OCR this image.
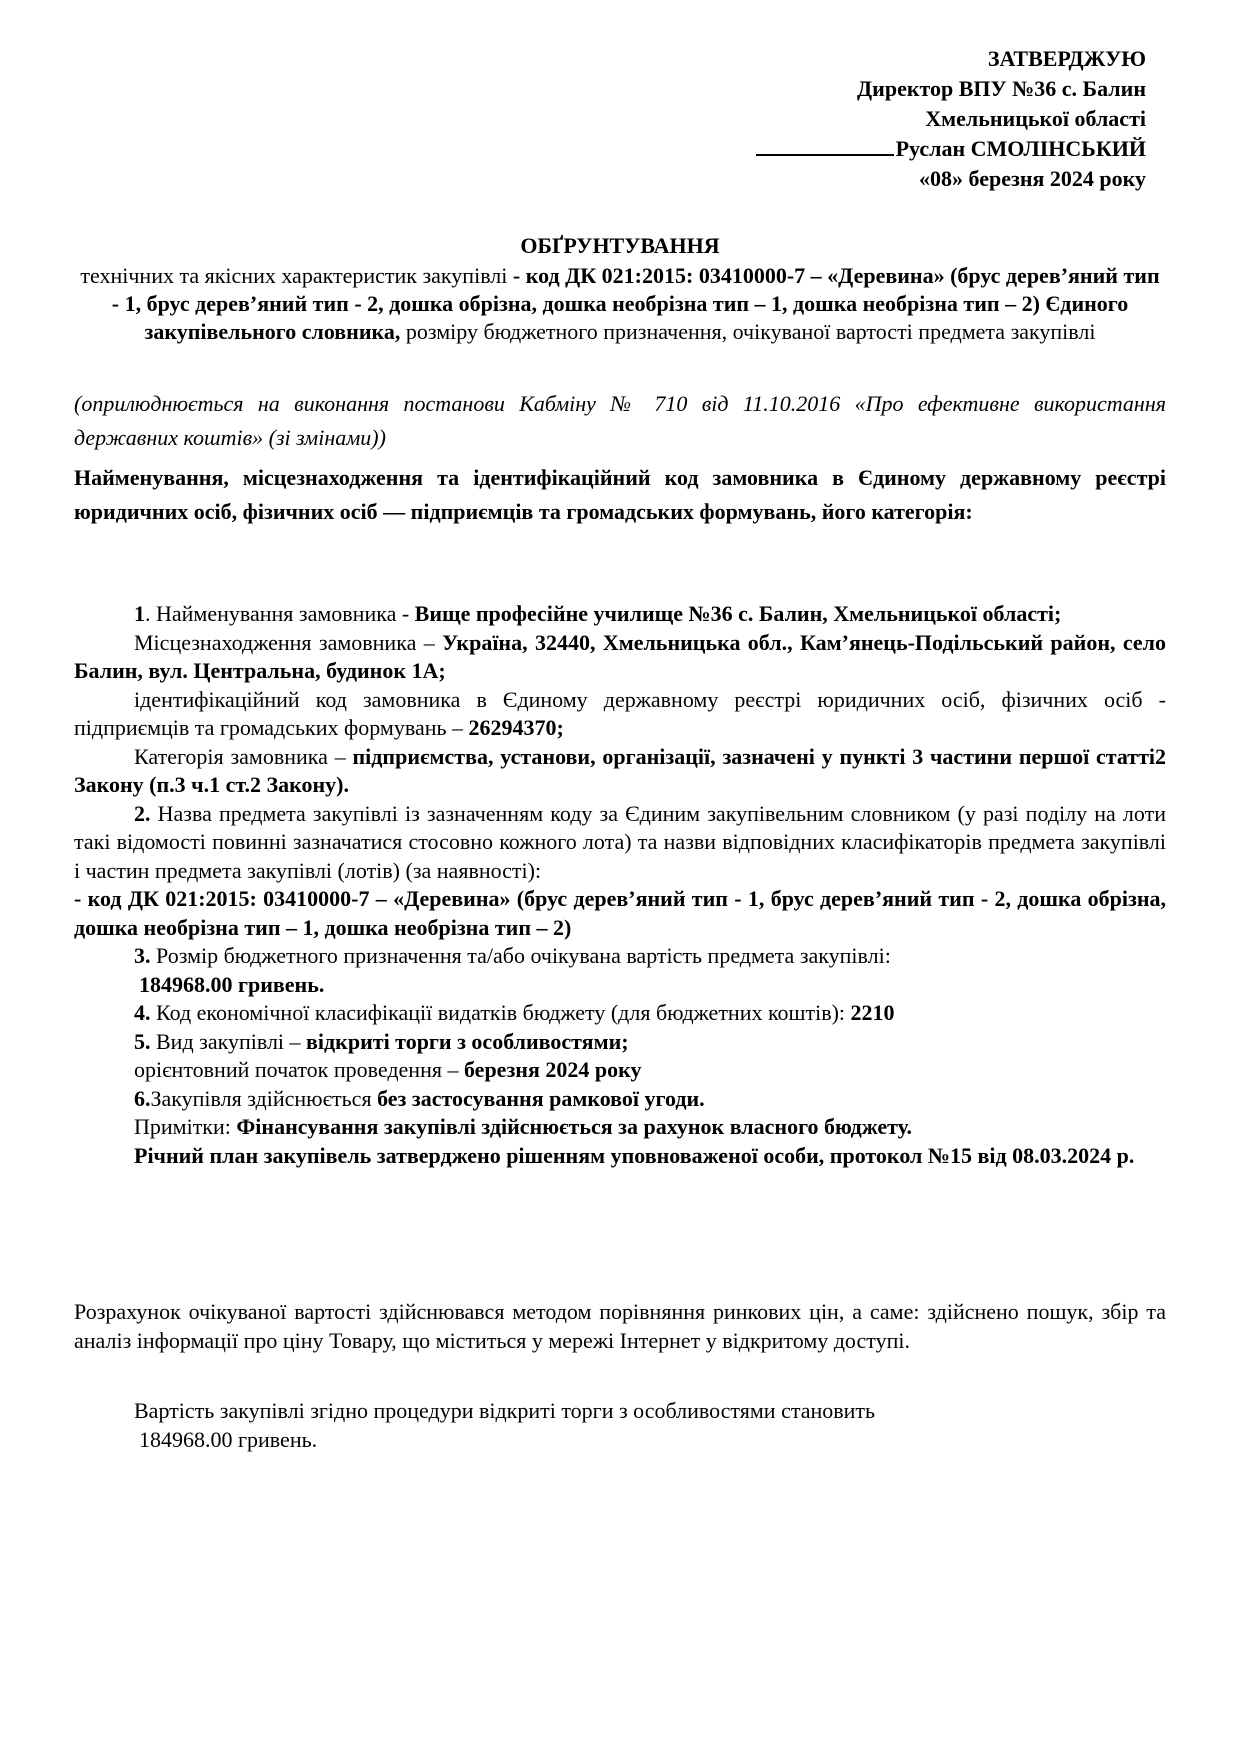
ЗАТВЕРДЖУЮ
Директор ВПУ №36 с. Балин
Хмельницької області
Руслан СМОЛІНСЬКИЙ
«08» березня 2024 року
ОБҐРУНТУВАННЯ
технічних та якісних характеристик закупівлі - код ДК 021:2015: 03410000-7 – «Деревина» (брус дерев’яний тип - 1, брус дерев’яний тип - 2, дошка обрізна, дошка необрізна тип – 1, дошка необрізна тип – 2) Єдиного закупівельного словника, розміру бюджетного призначення, очікуваної вартості предмета закупівлі
(оприлюднюється на виконання постанови Кабміну № 710 від 11.10.2016 «Про ефективне використання державних коштів» (зі змінами))
Найменування, місцезнаходження та ідентифікаційний код замовника в Єдиному державному реєстрі юридичних осіб, фізичних осіб — підприємців та громадських формувань, його категорія:

1. Найменування замовника - Вище професійне училище №36 с. Балин, Хмельницької області;

Місцезнаходження замовника – Україна, 32440, Хмельницька обл., Кам’янець-Подільський район, село Балин, вул. Центральна, будинок 1А;

ідентифікаційний код замовника в Єдиному державному реєстрі юридичних осіб, фізичних осіб - підприємців та громадських формувань – 26294370;

Категорія замовника – підприємства, установи, організації, зазначені у пункті 3 частини першої статті2 Закону (п.3 ч.1 ст.2 Закону).

2. Назва предмета закупівлі із зазначенням коду за Єдиним закупівельним словником (у разі поділу на лоти такі відомості повинні зазначатися стосовно кожного лота) та назви відповідних класифікаторів предмета закупівлі і частин предмета закупівлі (лотів) (за наявності):

- код ДК 021:2015: 03410000-7 – «Деревина» (брус дерев’яний тип - 1, брус дерев’яний тип - 2, дошка обрізна, дошка необрізна тип – 1, дошка необрізна тип – 2)

3. Розмір бюджетного призначення та/або очікувана вартість предмета закупівлі:

184968.00 гривень.

4. Код економічної класифікації видатків бюджету (для бюджетних коштів): 2210

5. Вид закупівлі – відкриті торги з особливостями;

орієнтовний початок проведення – березня 2024 року

6.Закупівля здійснюється без застосування рамкової угоди.

Примітки: Фінансування закупівлі здійснюється за рахунок власного бюджету.

Річний план закупівель затверджено рішенням уповноваженої особи, протокол №15 від 08.03.2024 р.

Розрахунок очікуваної вартості здійснювався методом порівняння ринкових цін, а саме: здійснено пошук, збір та аналіз інформації про ціну Товару, що міститься у мережі Інтернет у відкритому доступі.
Вартість закупівлі згідно процедури відкриті торги з особливостями становить
184968.00 гривень.
